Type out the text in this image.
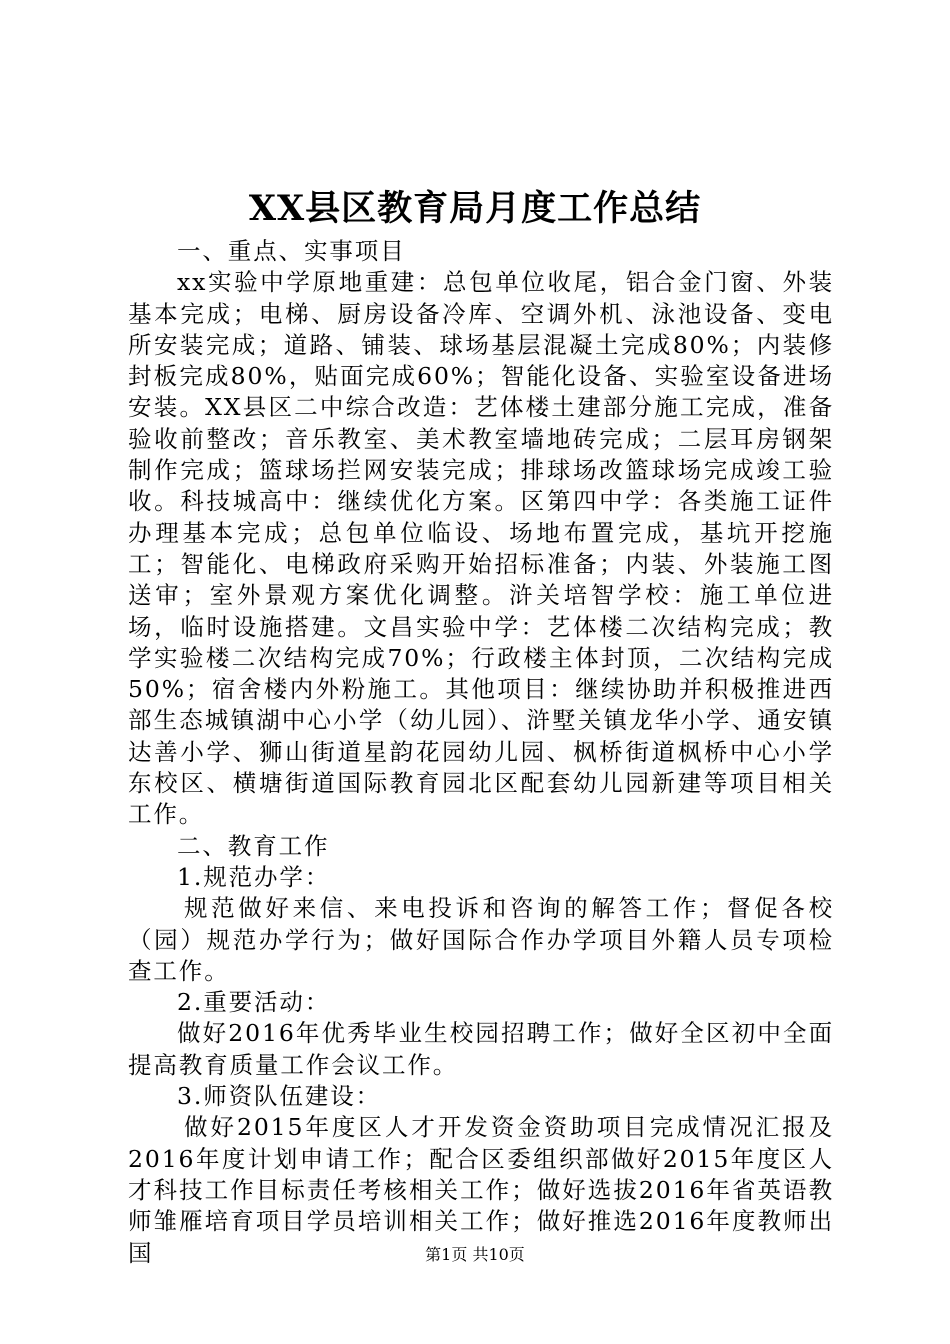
XX县区教育局月度工作总结

一、重点、实事项目

xx实验中学原地重建：总包单位收尾，铝合金门窗、外装基本完成；电梯、厨房设备冷库、空调外机、泳池设备、变电所安装完成；道路、铺装、球场基层混凝土完成80%；内装修封板完成80%，贴面完成60%；智能化设备、实验室设备进场安装。XX县区二中综合改造：艺体楼土建部分施工完成，准备验收前整改；音乐教室、美术教室墙地砖完成；二层耳房钢架制作完成；篮球场拦网安装完成；排球场改篮球场完成竣工验收。科技城高中：继续优化方案。区第四中学：各类施工证件办理基本完成；总包单位临设、场地布置完成，基坑开挖施工；智能化、电梯政府采购开始招标准备；内装、外装施工图送审；室外景观方案优化调整。浒关培智学校：施工单位进场，临时设施搭建。文昌实验中学：艺体楼二次结构完成；教学实验楼二次结构完成70%；行政楼主体封顶，二次结构完成50%；宿舍楼内外粉施工。其他项目：继续协助并积极推进西部生态城镇湖中心小学（幼儿园）、浒墅关镇龙华小学、通安镇达善小学、狮山街道星韵花园幼儿园、枫桥街道枫桥中心小学东校区、横塘街道国际教育园北区配套幼儿园新建等项目相关工作。

二、教育工作

1.规范办学：

规范做好来信、来电投诉和咨询的解答工作；督促各校（园）规范办学行为；做好国际合作办学项目外籍人员专项检查工作。

2.重要活动：

做好2016年优秀毕业生校园招聘工作；做好全区初中全面提高教育质量工作会议工作。

3.师资队伍建设：

做好2015年度区人才开发资金资助项目完成情况汇报及2016年度计划申请工作；配合区委组织部做好2015年度区人才科技工作目标责任考核相关工作；做好选拔2016年省英语教师雏雁培育项目学员培训相关工作；做好推选2016年度教师出国	第1页 共10页
